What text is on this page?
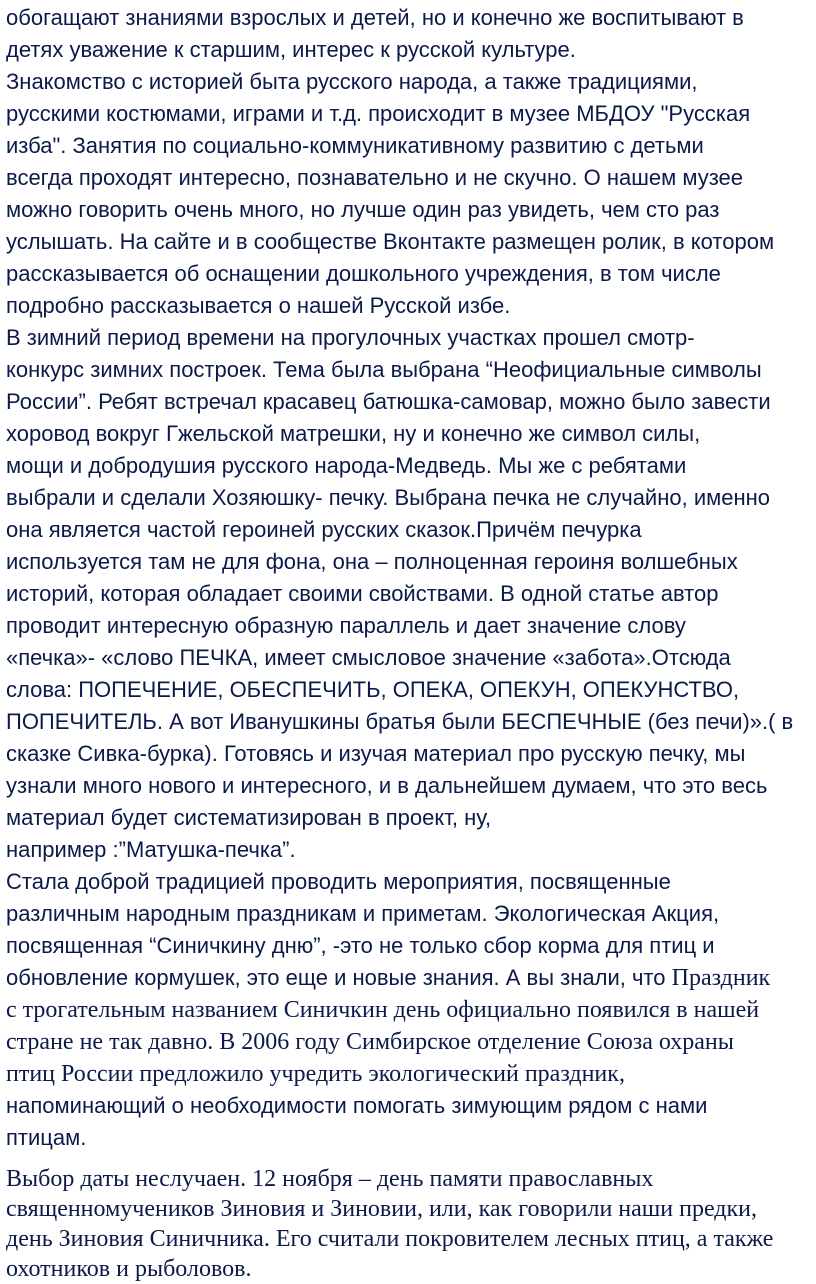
обогащают знаниями взрослых и детей, но и конечно же воспитывают в
детях уважение к старшим, интерес к русской культуре.
Знакомство с историей быта русского народа, а также традициями,
русскими костюмами, играми и т.д. происходит в музее МБДОУ "Русская
изба". Занятия по социально-коммуникативному развитию с детьми
всегда проходят интересно, познавательно и не скучно. О нашем музее
можно говорить очень много, но лучше один раз увидеть, чем сто раз
услышать. На сайте и в сообществе Вконтакте размещен ролик, в котором
рассказывается об оснащении дошкольного учреждения, в том числе
подробно рассказывается о нашей Русской избе.
В зимний период времени на прогулочных участках прошел смотр-
конкурс зимних построек. Тема была выбрана “Неофициальные символы
России”. Ребят встречал красавец батюшка-самовар, можно было завести
хоровод вокруг Гжельской матрешки, ну и конечно же символ силы,
мощи и добродушия русского народа-Медведь. Мы же с ребятами
выбрали и сделали Хозяюшку- печку. Выбрана печка не случайно, именно
она является частой героиней русских сказок.Причём печурка
используется там не для фона, она – полноценная героиня волшебных
историй, которая обладает своими свойствами. В одной статье автор
проводит интересную образную параллель и дает значение слову
«печка»- «слово ПЕЧКА, имеет смысловое значение «забота».Отсюда
слова: ПОПЕЧЕНИЕ, ОБЕСПЕЧИТЬ, ОПЕКА, ОПЕКУН, ОПЕКУНСТВО,
ПОПЕЧИТЕЛЬ. А вот Иванушкины братья были БЕСПЕЧНЫЕ (без печи)».( в
сказке Сивка-бурка). Готовясь и изучая материал про русскую печку, мы
узнали много нового и интересного, и в дальнейшем думаем, что это весь
материал будет систематизирован в проект, ну,
например :”Матушка-печка”.
Стала доброй традицией проводить мероприятия, посвященные
различным народным праздникам и приметам. Экологическая Акция,
посвященная “Синичкину дню”, -это не только сбор корма для птиц и
обновление кормушек, это еще и новые знания. А вы знали, что Праздник
с трогательным названием Синичкин день официально появился в нашей
стране не так давно. В 2006 году Симбирское отделение Союза охраны
птиц России предложило учредить экологический праздник,
напоминающий о необходимости помогать зимующим рядом с нами
птицам.
Выбор даты неслучаен. 12 ноября – день памяти православных
священномучеников Зиновия и Зиновии, или, как говорили наши предки,
день Зиновия Синичника. Его считали покровителем лесных птиц, а также
охотников и рыболовов.
